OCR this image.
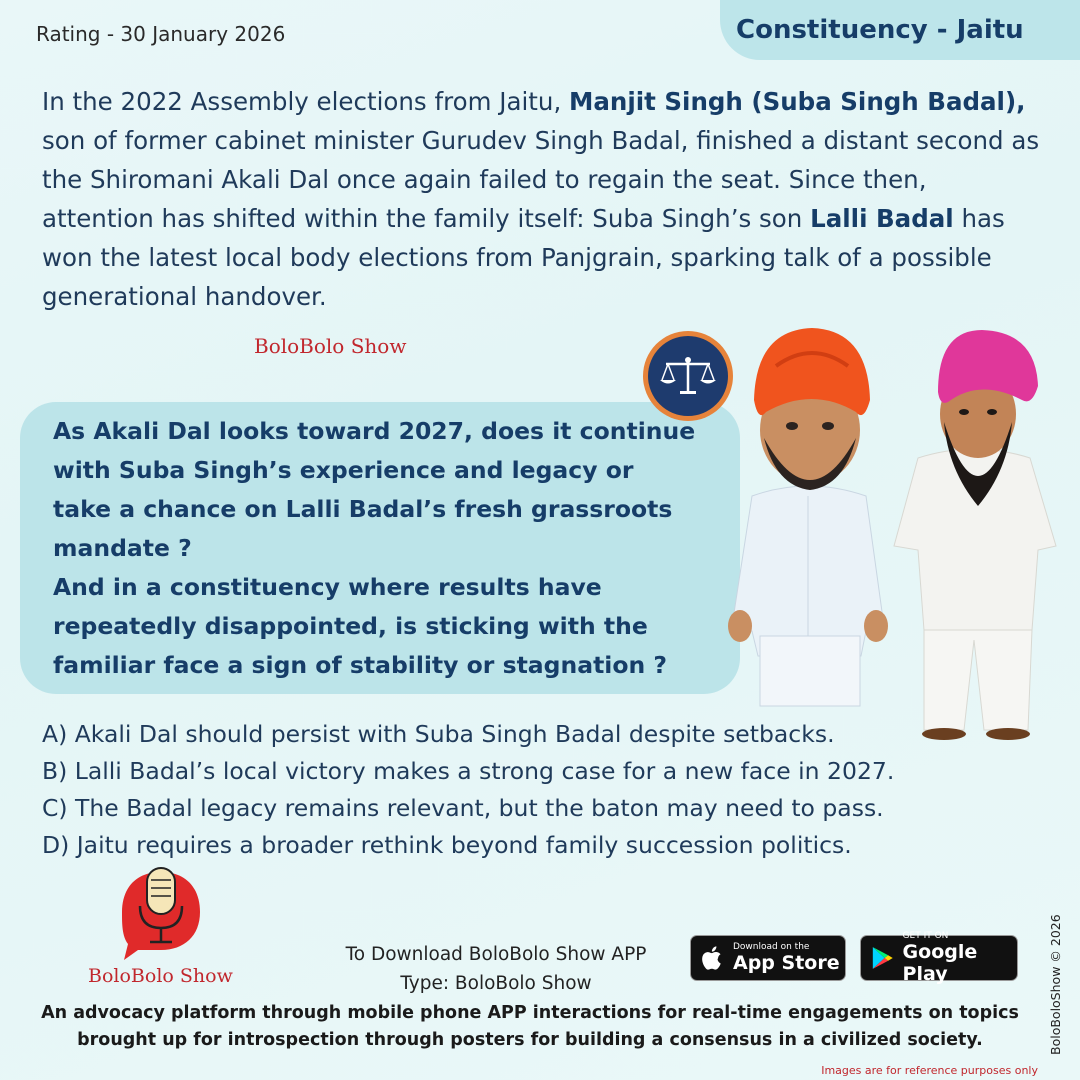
Rating - 30 January 2026	Constituency - Jaitu
In the 2022 Assembly elections from Jaitu, Manjit Singh (Suba Singh Badal), son of former cabinet minister Gurudev Singh Badal, finished a distant second as the Shiromani Akali Dal once again failed to regain the seat. Since then, attention has shifted within the family itself: Suba Singh’s son Lalli Badal has won the latest local body elections from Panjgrain, sparking talk of a possible generational handover.
BoloBolo Show
As Akali Dal looks toward 2027, does it continue
with Suba Singh’s experience and legacy or
take a chance on Lalli Badal’s fresh grassroots
mandate ?
And in a constituency where results have
repeatedly disappointed, is sticking with the
familiar face a sign of stability or stagnation ?
A) Akali Dal should persist with Suba Singh Badal despite setbacks.
B) Lalli Badal’s local victory makes a strong case for a new face in 2027.
C) The Badal legacy remains relevant, but the baton may need to pass.
D) Jaitu requires a broader rethink beyond family succession politics.
BoloBolo Show
To Download BoloBolo Show APP
Type: BoloBolo Show
Download on the
App Store
GET IT ON
Google Play
An advocacy platform through mobile phone APP interactions for real-time engagements on topics
brought up for introspection through posters for building a consensus in a civilized society.	BoloBoloShow © 2026
Images are for reference purposes only
